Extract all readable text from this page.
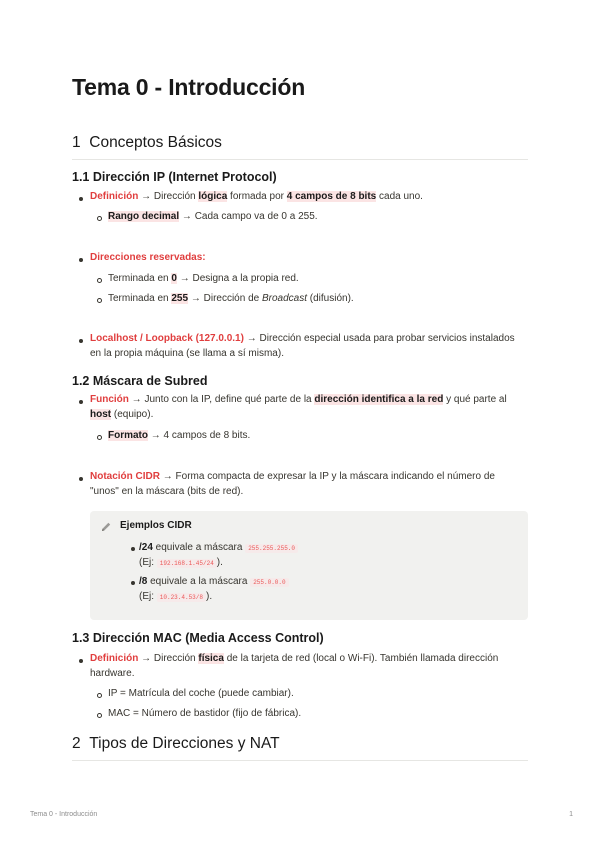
Tema 0 - Introducción
1 Conceptos Básicos
1.1 Dirección IP (Internet Protocol)
Definición → Dirección lógica formada por 4 campos de 8 bits cada uno.
Rango decimal → Cada campo va de 0 a 255.
Direcciones reservadas:
Terminada en 0 → Designa a la propia red.
Terminada en 255 → Dirección de Broadcast (difusión).
Localhost / Loopback (127.0.0.1) → Dirección especial usada para probar servicios instalados
en la propia máquina (se llama a sí misma).
1.2 Máscara de Subred
Función → Junto con la IP, define qué parte de la dirección identifica a la red y qué parte al
host (equipo).
Formato → 4 campos de 8 bits.
Notación CIDR → Forma compacta de expresar la IP y la máscara indicando el número de
"unos" en la máscara (bits de red).
Ejemplos CIDR
/24 equivale a máscara 255.255.255.0
(Ej: 192.168.1.45/24 ).
/8 equivale a la máscara 255.0.0.0
(Ej: 10.23.4.53/8 ).
1.3 Dirección MAC (Media Access Control)
Definición → Dirección física de la tarjeta de red (local o Wi-Fi). También llamada dirección
hardware.
IP = Matrícula del coche (puede cambiar).
MAC = Número de bastidor (fijo de fábrica).
2 Tipos de Direcciones y NAT
Tema 0 - Introducción	1
